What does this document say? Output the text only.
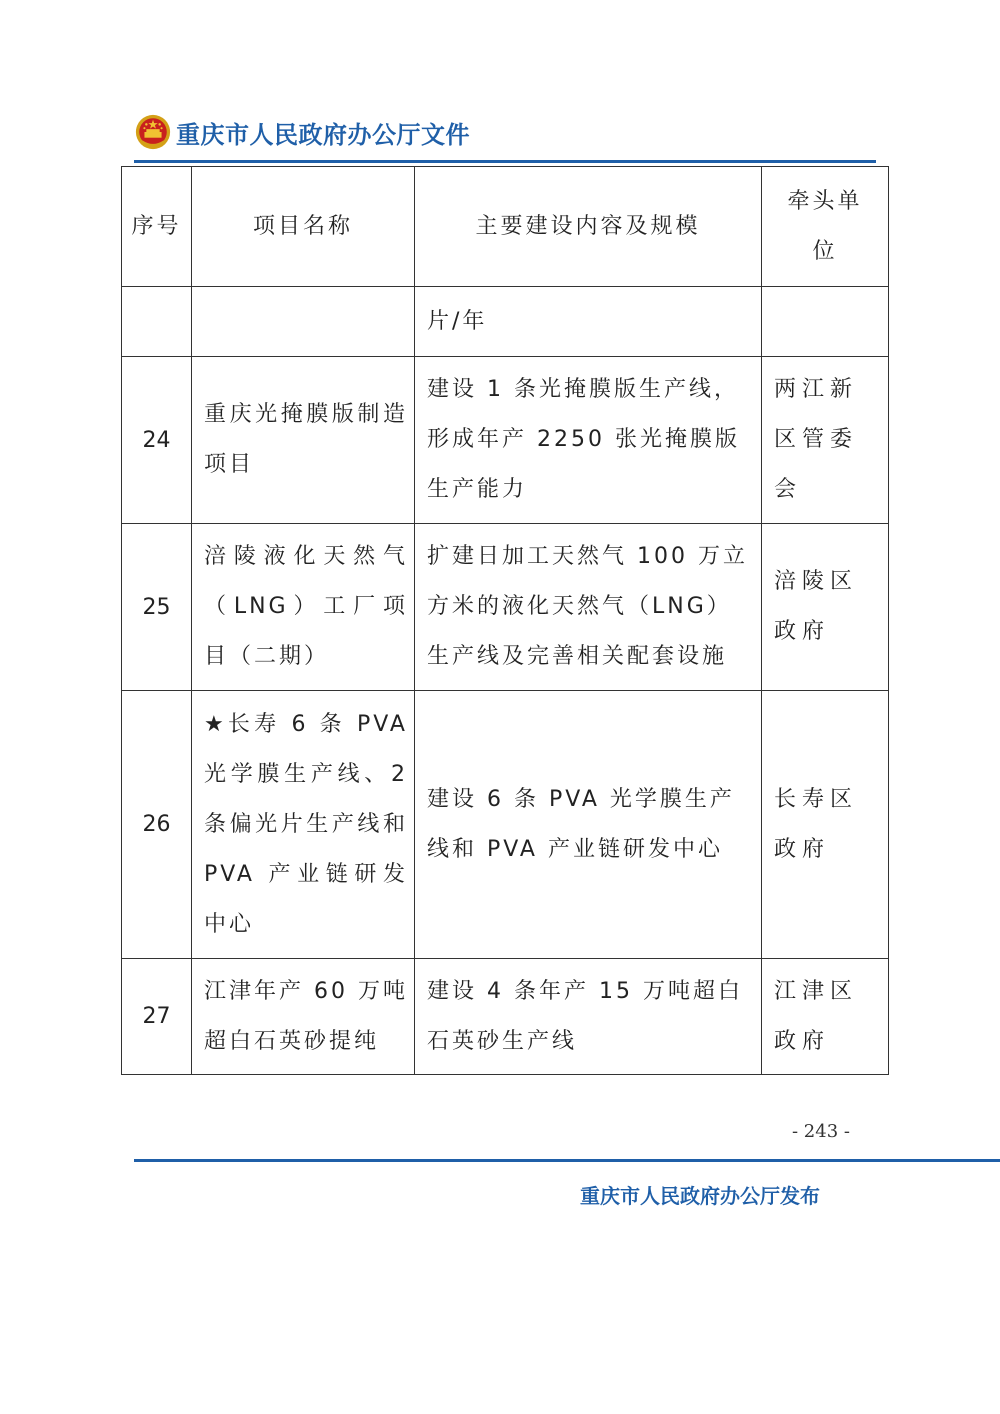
重庆市人民政府办公厅文件
序号	项目名称	主要建设内容及规模	牵头单位

		片/年	

24	重庆光掩膜版制造项目	建设 1 条光掩膜版生产线，形成年产 2250 张光掩膜版生产能力	两江新区管委会

25	涪陵液化天然气（LNG）工厂项目（二期）	扩建日加工天然气 100 万立方米的液化天然气（LNG）生产线及完善相关配套设施	涪陵区政府

26	★长寿 6 条 PVA 光学膜生产线、2 条偏光片生产线和 PVA 产业链研发中心	建设 6 条 PVA 光学膜生产线和 PVA 产业链研发中心	长寿区政府

27	江津年产 60 万吨超白石英砂提纯	建设 4 条年产 15 万吨超白石英砂生产线	江津区政府
- 243 -
重庆市人民政府办公厅发布
